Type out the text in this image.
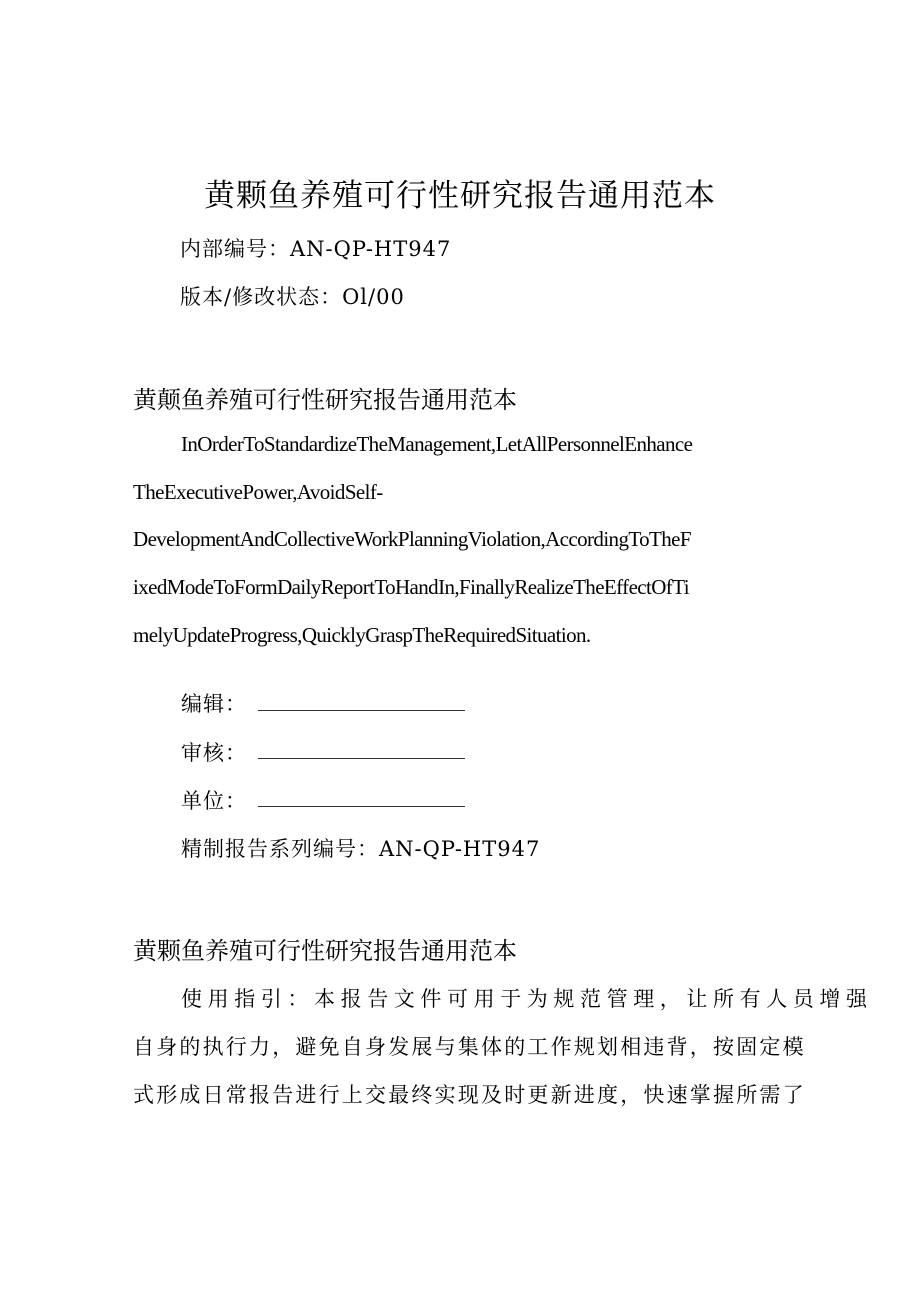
黄颗鱼养殖可行性研究报告通用范本
内部编号：AN-QP-HT947
版本/修改状态：Ol/00
黄颠鱼养殖可行性研究报告通用范本
InOrderToStandardizeTheManagement,LetAllPersonnelEnhance
TheExecutivePower,AvoidSelf-
DevelopmentAndCollectiveWorkPlanningViolation,AccordingToTheF
ixedModeToFormDailyReportToHandIn,FinallyRealizeTheEffectOfTi
melyUpdateProgress,QuicklyGraspTheRequiredSituation.
编辑：
审核：
单位：
精制报告系列编号：AN-QP-HT947
黄颗鱼养殖可行性研究报告通用范本
使用指引：本报告文件可用于为规范管理，让所有人员增强
自身的执行力，避免自身发展与集体的工作规划相违背，按固定模
式形成日常报告进行上交最终实现及时更新进度，快速掌握所需了
